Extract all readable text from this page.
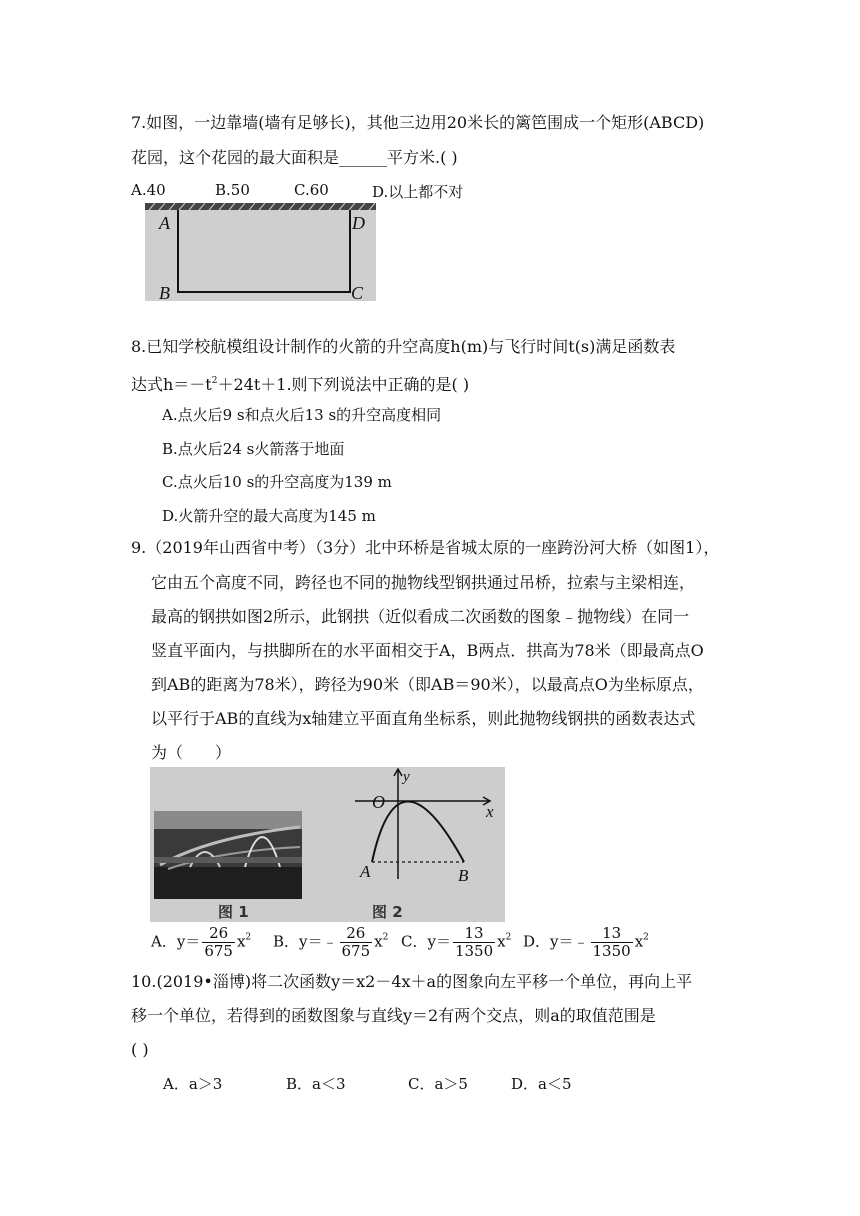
7.如图，一边靠墙(墙有足够长)，其他三边用20米长的篱笆围成一个矩形(ABCD)
花园，这个花园的最大面积是______平方米.( )
A.40	B.50	C.60	D.以上都不对
A
B	C
D
8.已知学校航模组设计制作的火箭的升空高度h(m)与飞行时间t(s)满足函数表
达式$h=-t^2+24t+1$.则下列说法中正确的是( )
A.点火后9 s和点火后13 s的升空高度相同
B.点火后24 s火箭落于地面
C.点火后10 s的升空高度为139 m
D.火箭升空的最大高度为145 m
9.（2019年山西省中考）（3分）北中环桥是省城太原的一座跨汾河大桥（如图1），
它由五个高度不同，跨径也不同的抛物线型钢拱通过吊桥，拉索与主梁相连，
最高的钢拱如图2所示，此钢拱（近似看成二次函数的图象﹣抛物线）在同一
竖直平面内，与拱脚所在的水平面相交于A，B两点．拱高为78米（即最高点O
到AB的距离为78米），跨径为90米（即AB＝90米），以最高点O为坐标原点，
以平行于AB的直线为x轴建立平面直角坐标系，则此抛物线钢拱的函数表达式
为（　　）
图 1
O
y
x
A	B
图 2
A．$y= \frac{26}{675} x^2$ B．y＝﹣ $\frac{26}{675} x^2$ C．$y= \frac{13}{1350} x^2$ D．y＝﹣ $\frac{13}{1350} x^2$
10.(2019•淄博)将二次函数y＝x2－4x＋a的图象向左平移一个单位，再向上平
移一个单位，若得到的函数图象与直线y＝2有两个交点，则a的取值范围是
( )
A．a＞3	B．a＜3	C．a＞5	D．a＜5
